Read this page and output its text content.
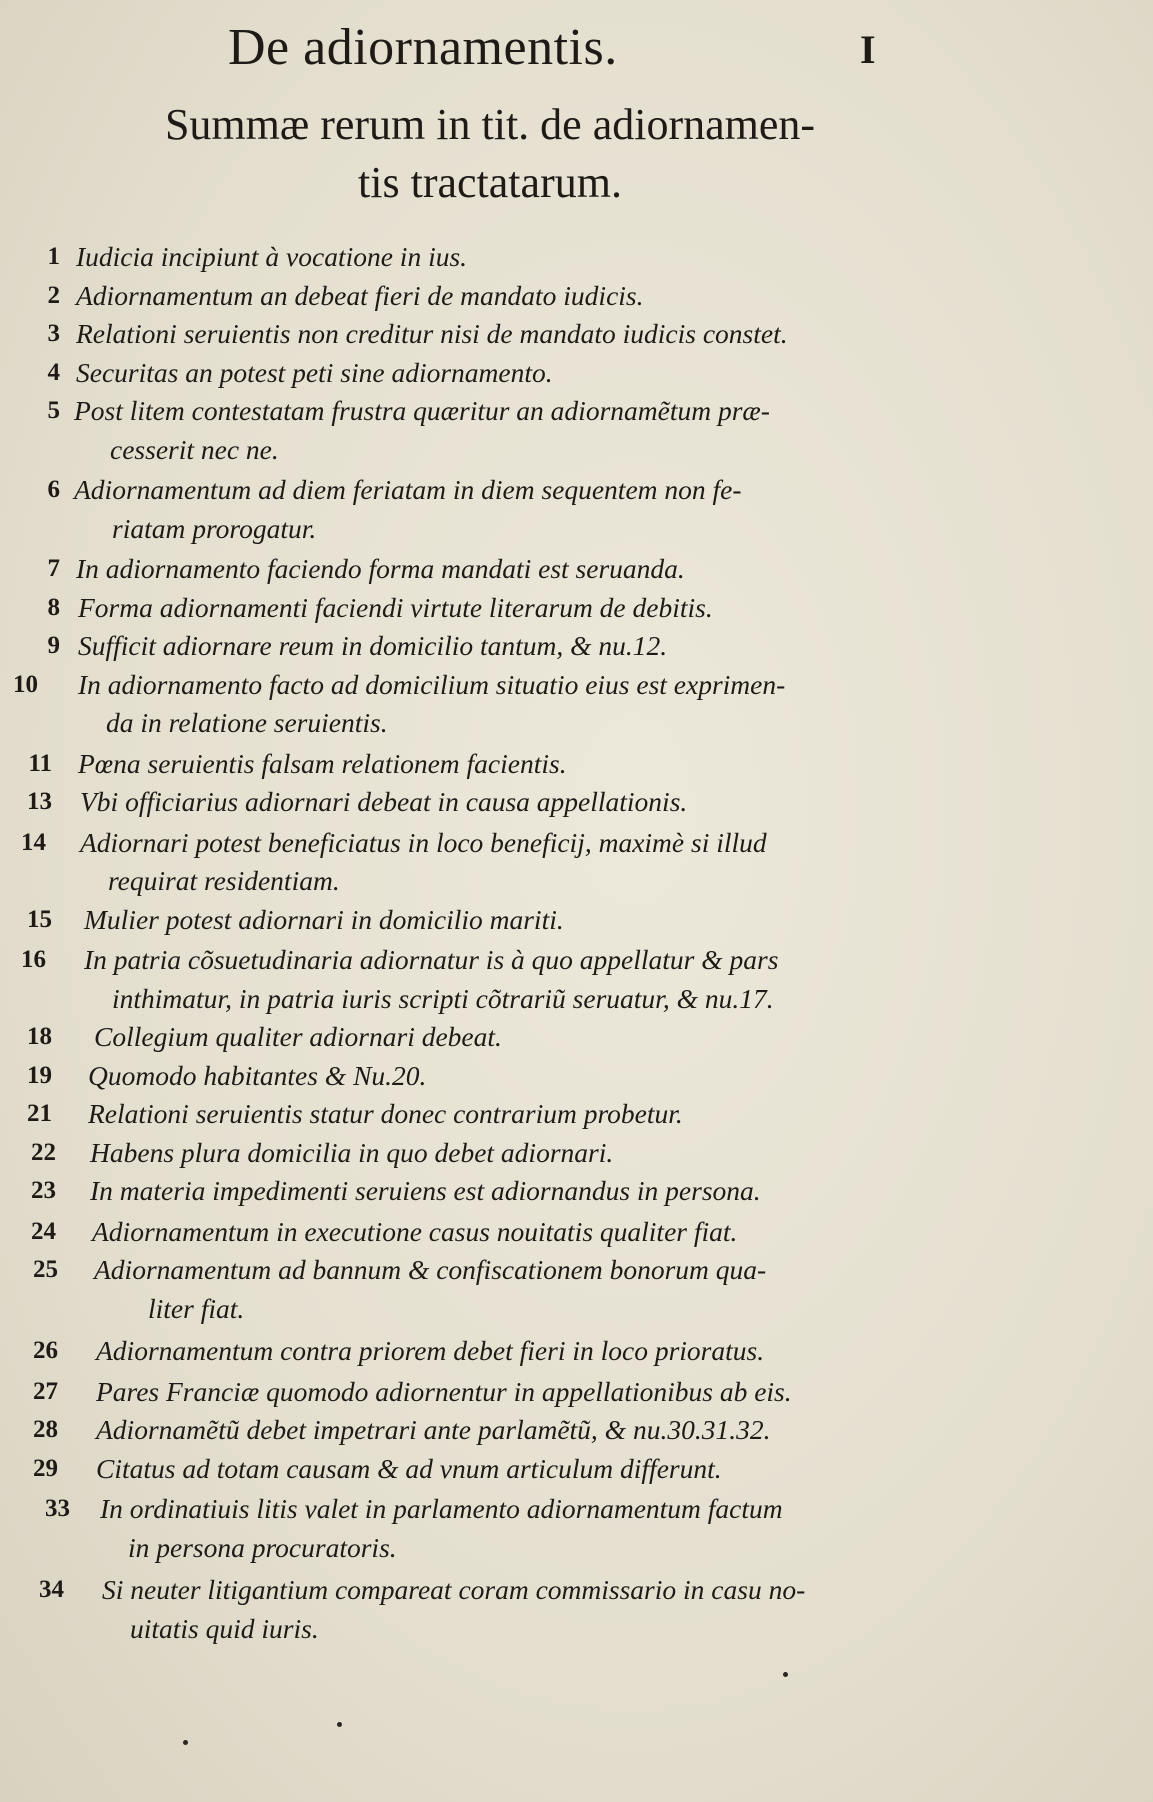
De adiornamentis.	I
Summæ rerum in tit. de adiornamen-
tis tractatarum.
1 Iudicia incipiunt à vocatione in ius.
2 Adiornamentum an debeat fieri de mandato iudicis.
3 Relationi seruientis non creditur nisi de mandato iudicis constet.
4 Securitas an potest peti sine adiornamento.
5 Post litem contestatam frustra quæritur an adiornamẽtum præ-
cesserit nec ne.
6 Adiornamentum ad diem feriatam in diem sequentem non fe-
riatam prorogatur.
7 In adiornamento faciendo forma mandati est seruanda.
8 Forma adiornamenti faciendi virtute literarum de debitis.
9 Sufficit adiornare reum in domicilio tantum, & nu.12.
10	In adiornamento facto ad domicilium situatio eius est exprimen-
da in relatione seruientis.
11 Pœna seruientis falsam relationem facientis.
13	Vbi officiarius adiornari debeat in causa appellationis.
14	Adiornari potest beneficiatus in loco beneficij, maximè si illud
requirat residentiam.
15	Mulier potest adiornari in domicilio mariti.
16	In patria cõsuetudinaria adiornatur is à quo appellatur & pars
inthimatur, in patria iuris scripti cõtrariũ seruatur, & nu.17.
18	Collegium qualiter adiornari debeat.
19	Quomodo habitantes & Nu.20.
21	Relationi seruientis statur donec contrarium probetur.
22	Habens plura domicilia in quo debet adiornari.
23	In materia impedimenti seruiens est adiornandus in persona.
24	Adiornamentum in executione casus nouitatis qualiter fiat.
25	Adiornamentum ad bannum & confiscationem bonorum qua-
liter fiat.
26	Adiornamentum contra priorem debet fieri in loco prioratus.
27	Pares Franciæ quomodo adiornentur in appellationibus ab eis.
28	Adiornamẽtũ debet impetrari ante parlamẽtũ, & nu.30.31.32.
29	Citatus ad totam causam & ad vnum articulum differunt.
33	In ordinatiuis litis valet in parlamento adiornamentum factum
in persona procuratoris.
34	Si neuter litigantium compareat coram commissario in casu no-
uitatis quid iuris.
